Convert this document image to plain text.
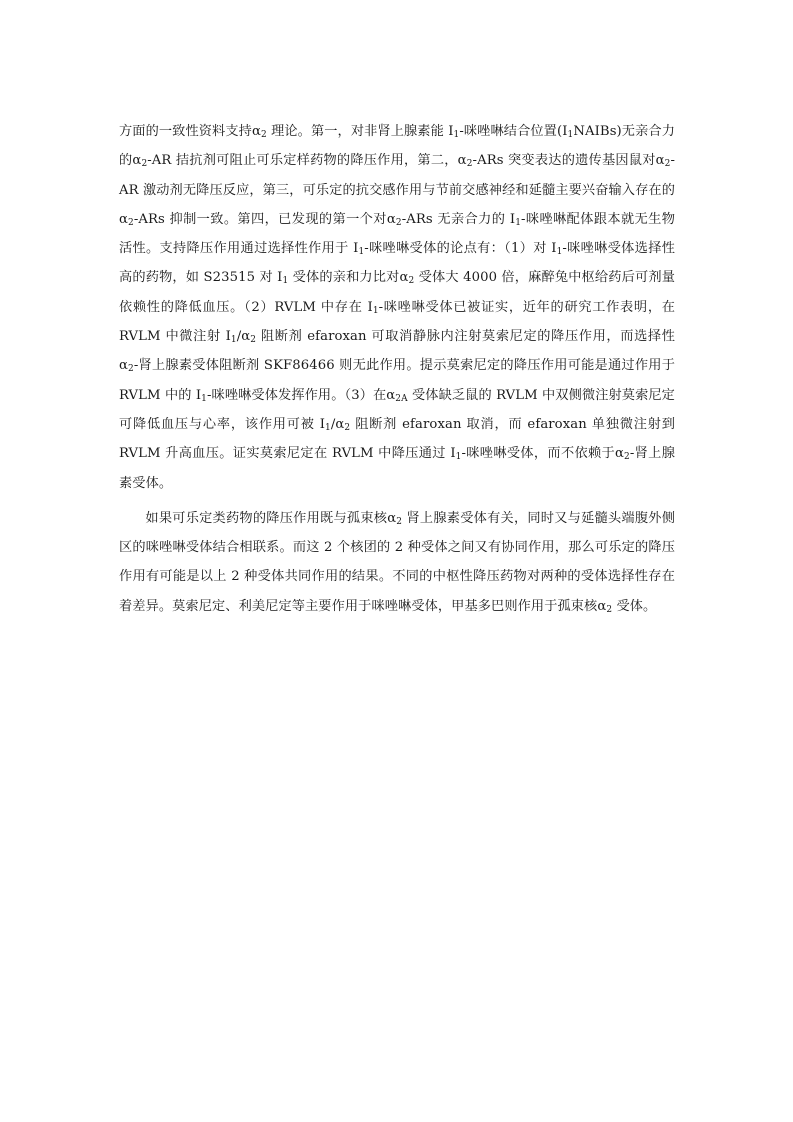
方面的一致性资料支持$\alpha_2$ 理论。第一，对非肾上腺素能 $I_1-$咪唑啉结合位置$(I_1NAIBs)$无亲合力的$\alpha_2-AR$ 拮抗剂可阻止可乐定样药物的降压作用，第二，$\alpha_2$-ARs 突变表达的遗传基因鼠对$\alpha_2-AR$ 激动剂无降压反应，第三，可乐定的抗交感作用与节前交感神经和延髓主要兴奋输入存在的$\alpha_2$-ARs 抑制一致。第四，已发现的第一个对$\alpha_2$-ARs 无亲合力的 $I_1-$咪唑啉配体跟本就无生物活性。支持降压作用通过选择性作用于 $I_1-$咪唑啉受体的论点有：（1）对 $I_1-$咪唑啉受体选择性高的药物，如 S23515 对 $I_1$ 受体的亲和力比对$\alpha_2$ 受体大 4000 倍，麻醉兔中枢给药后可剂量依赖性的降低血压。（2）RVLM 中存在 $I_1-$咪唑啉受体已被证实，近年的研究工作表明，在 RVLM 中微注射 $I_1/\alpha_2$ 阻断剂 efaroxan 可取消静脉内注射莫索尼定的降压作用，而选择性$\alpha_2-$肾上腺素受体阻断剂 SKF86466 则无此作用。提示莫索尼定的降压作用可能是通过作用于 RVLM 中的 $I_1-$咪唑啉受体发挥作用。（3）在$\alpha_{2A}$ 受体缺乏鼠的 RVLM 中双侧微注射莫索尼定可降低血压与心率，该作用可被 $I_1/\alpha_2$ 阻断剂 efaroxan 取消，而 efaroxan 单独微注射到 RVLM 升高血压。证实莫索尼定在 RVLM 中降压通过 $I_1-$咪唑啉受体，而不依赖于$\alpha_2-$肾上腺素受体。

如果可乐定类药物的降压作用既与孤束核$\alpha_2$ 肾上腺素受体有关，同时又与延髓头端腹外侧区的咪唑啉受体结合相联系。而这 2 个核团的 2 种受体之间又有协同作用，那么可乐定的降压作用有可能是以上 2 种受体共同作用的结果。不同的中枢性降压药物对两种的受体选择性存在着差异。莫索尼定、利美尼定等主要作用于咪唑啉受体，甲基多巴则作用于孤束核$\alpha_2$ 受体。
